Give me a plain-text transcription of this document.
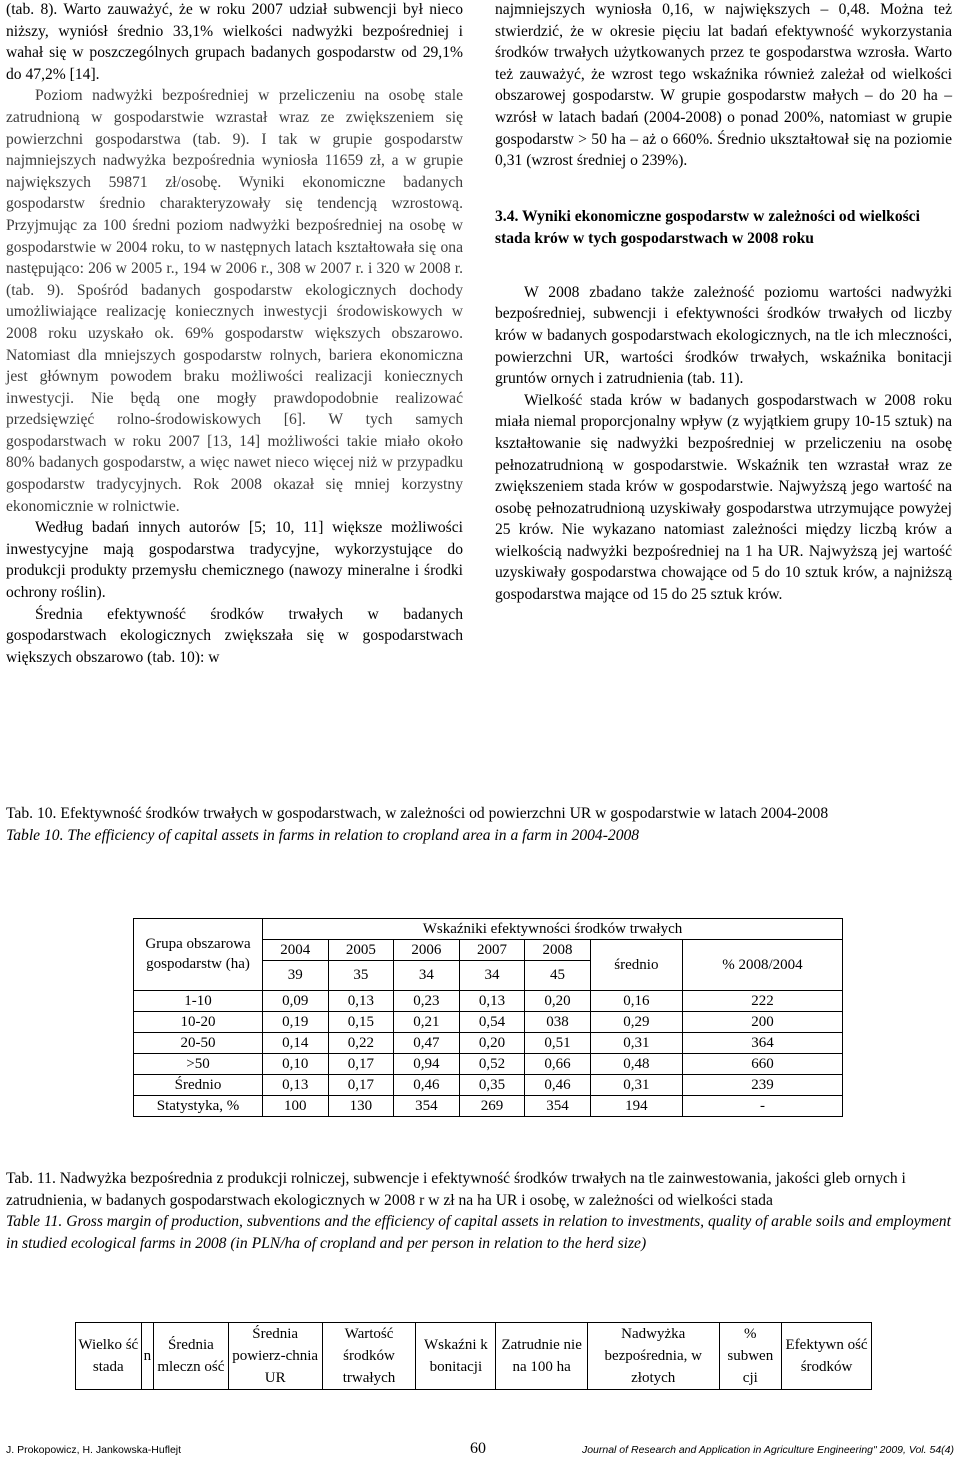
(tab. 8). Warto zauważyć, że w roku 2007 udział subwencji był nieco niższy, wyniósł średnio 33,1% wielkości nadwyżki bezpośredniej i wahał się w poszczególnych grupach badanych gospodarstw od 29,1% do 47,2% [14].

Poziom nadwyżki bezpośredniej w przeliczeniu na osobę stale zatrudnioną w gospodarstwie wzrastał wraz ze zwiększeniem się powierzchni gospodarstwa (tab. 9). I tak w grupie gospodarstw najmniejszych nadwyżka bezpośrednia wyniosła 11659 zł, a w grupie największych 59871 zł/osobę. Wyniki ekonomiczne badanych gospodarstw średnio charakteryzowały się tendencją wzrostową. Przyjmując za 100 średni poziom nadwyżki bezpośredniej na osobę w gospodarstwie w 2004 roku, to w następnych latach kształtowała się ona następująco: 206 w 2005 r., 194 w 2006 r., 308 w 2007 r. i 320 w 2008 r. (tab. 9). Spośród badanych gospodarstw ekologicznych dochody umożliwiające realizację koniecznych inwestycji środowiskowych w 2008 roku uzyskało ok. 69% gospodarstw większych obszarowo. Natomiast dla mniejszych gospodarstw rolnych, bariera ekonomiczna jest głównym powodem braku możliwości realizacji koniecznych inwestycji. Nie będą one mogły prawdopodobnie realizować przedsięwzięć rolno-środowiskowych [6]. W tych samych gospodarstwach w roku 2007 [13, 14] możliwości takie miało około 80% badanych gospodarstw, a więc nawet nieco więcej niż w przypadku gospodarstw tradycyjnych. Rok 2008 okazał się mniej korzystny ekonomicznie w rolnictwie.

Według badań innych autorów [5; 10, 11] większe możliwości inwestycyjne mają gospodarstwa tradycyjne, wykorzystujące do produkcji produkty przemysłu chemicznego (nawozy mineralne i środki ochrony roślin).

Średnia efektywność środków trwałych w badanych gospodarstwach ekologicznych zwiększała się w gospodarstwach większych obszarowo (tab. 10): w

najmniejszych wyniosła 0,16, w największych – 0,48. Można też stwierdzić, że w okresie pięciu lat badań efektywność wykorzystania środków trwałych użytkowanych przez te gospodarstwa wzrosła. Warto też zauważyć, że wzrost tego wskaźnika również zależał od wielkości obszarowej gospodarstw. W grupie gospodarstw małych – do 20 ha – wzrósł w latach badań (2004-2008) o ponad 200%, natomiast w grupie gospodarstw > 50 ha – aż o 660%. Średnio ukształtował się na poziomie 0,31 (wzrost średniej o 239%).

3.4. Wyniki ekonomiczne gospodarstw w zależności od wielkości stada krów w tych gospodarstwach w 2008 roku

W 2008 zbadano także zależność poziomu wartości nadwyżki bezpośredniej, subwencji i efektywności środków trwałych od liczby krów w badanych gospodarstwach ekologicznych, na tle ich mleczności, powierzchni UR, wartości środków trwałych, wskaźnika bonitacji gruntów ornych i zatrudnienia (tab. 11).

Wielkość stada krów w badanych gospodarstwach w 2008 roku miała niemal proporcjonalny wpływ (z wyjątkiem grupy 10-15 sztuk) na kształtowanie się nadwyżki bezpośredniej w przeliczeniu na osobę pełnozatrudnioną w gospodarstwie. Wskaźnik ten wzrastał wraz ze zwiększeniem stada krów w gospodarstwie. Najwyższą jego wartość na osobę pełnozatrudnioną uzyskiwały gospodarstwa utrzymujące powyżej 25 krów. Nie wykazano natomiast zależności między liczbą krów a wielkością nadwyżki bezpośredniej na 1 ha UR. Najwyższą jej wartość uzyskiwały gospodarstwa chowające od 5 do 10 sztuk krów, a najniższą gospodarstwa mające od 15 do 25 sztuk krów.

Tab. 10. Efektywność środków trwałych w gospodarstwach, w zależności od powierzchni UR w gospodarstwie w latach 2004-2008
Table 10. The efficiency of capital assets in farms in relation to cropland area in a farm in 2004-2008
Grupa obszarowa gospodarstw (ha)	Wskaźniki efektywności środków trwałych						
	2004	2005	2006	2007	2008	średnio	% 2008/2004
	39	35	34	34	45		
1-10	0,09	0,13	0,23	0,13	0,20	0,16	222
10-20	0,19	0,15	0,21	0,54	038	0,29	200
20-50	0,14	0,22	0,47	0,20	0,51	0,31	364
>50	0,10	0,17	0,94	0,52	0,66	0,48	660
Średnio	0,13	0,17	0,46	0,35	0,46	0,31	239
Statystyka, %	100	130	354	269	354	194	-
Tab. 11. Nadwyżka bezpośrednia z produkcji rolniczej, subwencje i efektywność środków trwałych na tle zainwestowania, jakości gleb ornych i zatrudnienia, w badanych gospodarstwach ekologicznych w 2008 r w zł na ha UR i osobę, w zależności od wielkości stada
Table 11. Gross margin of production, subventions and the efficiency of capital assets in relation to investments, quality of arable soils and employment in studied ecological farms in 2008 (in PLN/ha of cropland and per person in relation to the herd size)
Wielko ść stada	n	Średnia mleczn ość	Średnia powierz-chnia UR	Wartość środków trwałych	Wskaźni k bonitacji	Zatrudnie nie na 100 ha	Nadwyżka bezpośrednia, w złotych	% subwen cji	Efektywn ość środków
J. Prokopowicz, H. Jankowska-Huflejt	60	Journal of Research and Application in Agriculture Engineering" 2009, Vol. 54(4)
